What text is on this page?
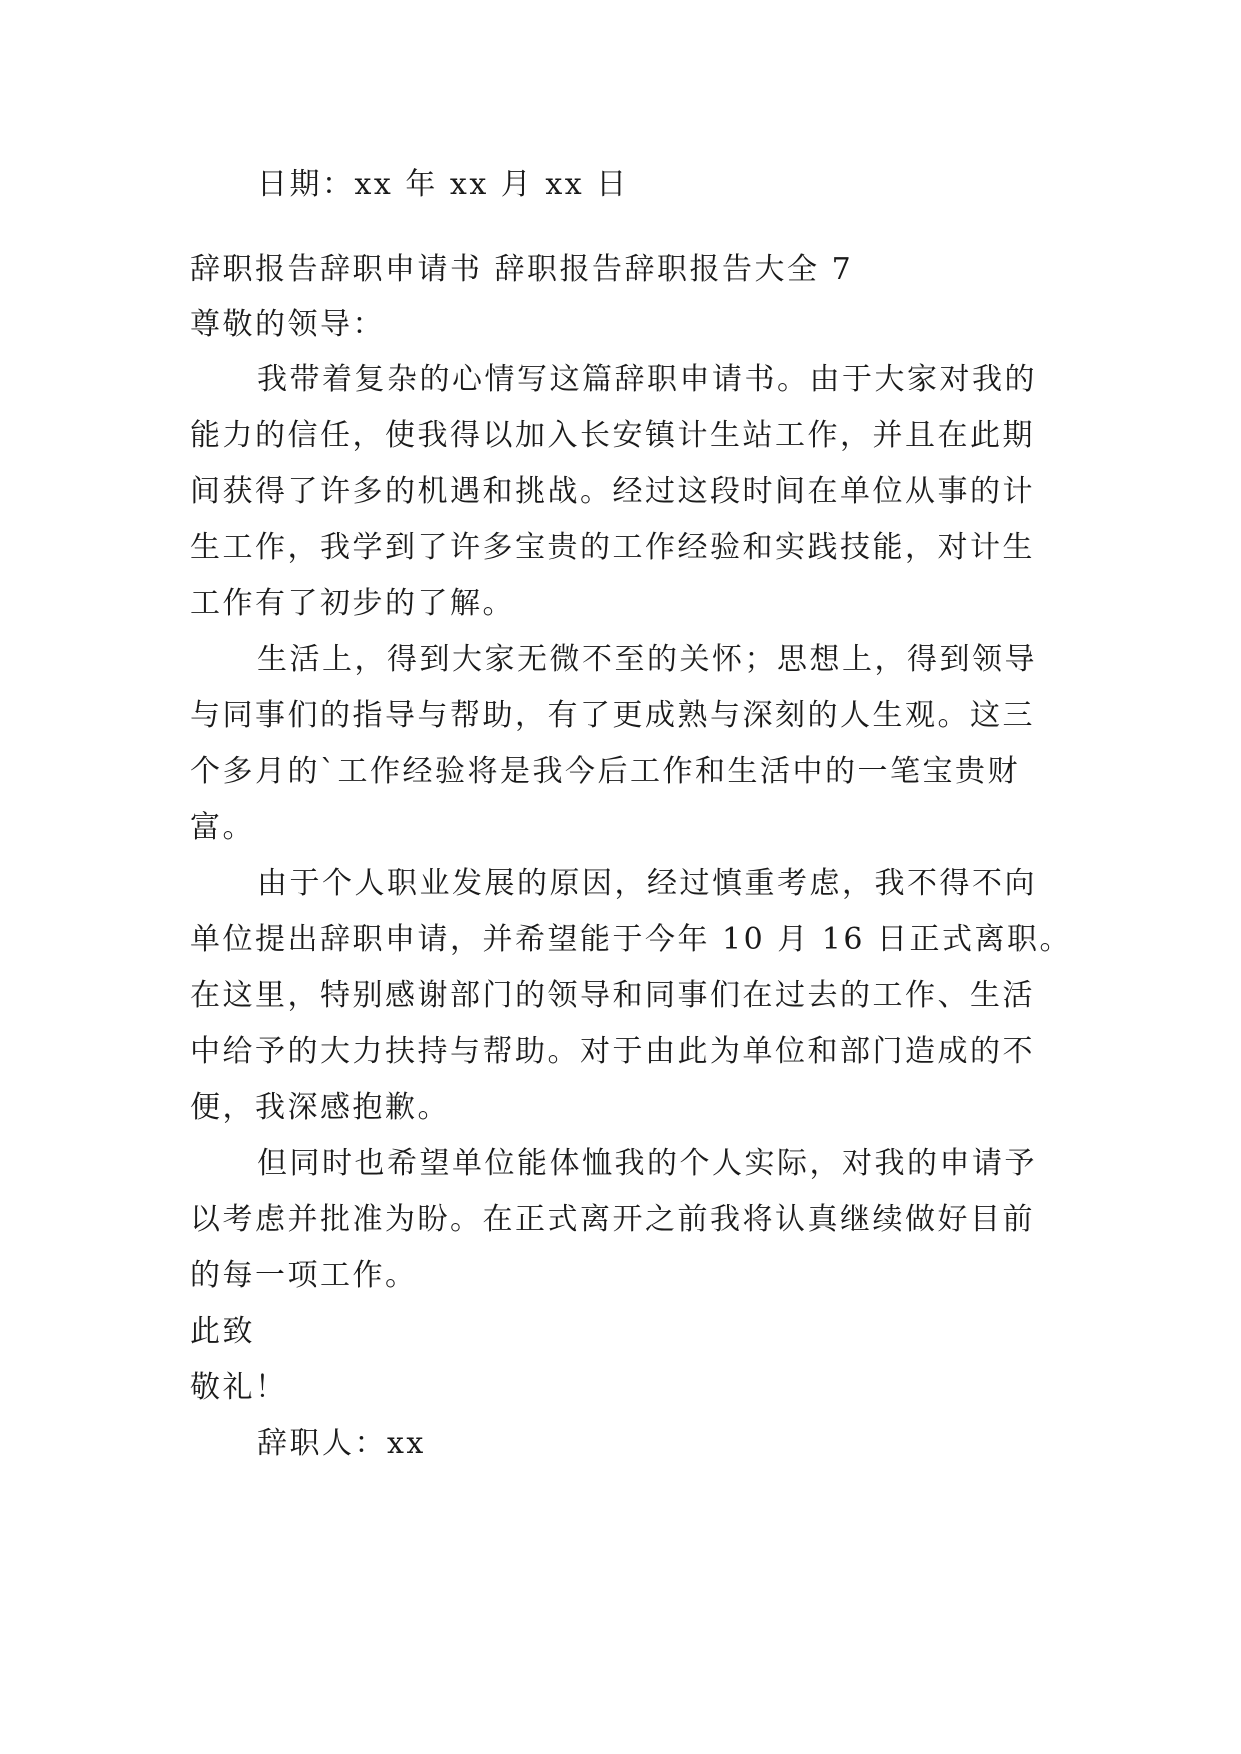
日期：xx 年 xx 月 xx 日
辞职报告辞职申请书 辞职报告辞职报告大全 7
尊敬的领导：
我带着复杂的心情写这篇辞职申请书。由于大家对我的
能力的信任，使我得以加入长安镇计生站工作，并且在此期
间获得了许多的机遇和挑战。经过这段时间在单位从事的计
生工作，我学到了许多宝贵的工作经验和实践技能，对计生
工作有了初步的了解。
生活上，得到大家无微不至的关怀；思想上，得到领导
与同事们的指导与帮助，有了更成熟与深刻的人生观。这三
个多月的`工作经验将是我今后工作和生活中的一笔宝贵财
富。
由于个人职业发展的原因，经过慎重考虑，我不得不向
单位提出辞职申请，并希望能于今年 10 月 16 日正式离职。
在这里，特别感谢部门的领导和同事们在过去的工作、生活
中给予的大力扶持与帮助。对于由此为单位和部门造成的不
便，我深感抱歉。
但同时也希望单位能体恤我的个人实际，对我的申请予
以考虑并批准为盼。在正式离开之前我将认真继续做好目前
的每一项工作。
此致
敬礼！
辞职人：xx
